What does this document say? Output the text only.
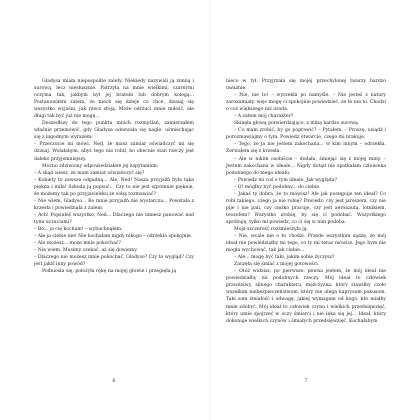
Gladysa miała niepospolite zalety. Niekiedy nazywali ją zimną i surową, lecz niesłusznie. Patrzyła na mnie wielkimi, czarnymi oczyma tak, jakbym był jej bratem lub dobrym kolegą... Postanowiłem zatem, że niech się dzieje co chce, dzisiaj się wszystko wyjaśni, jak rzecz stoją. Może odrzuci mnie miłość, ale długi tak być już nie mogę...

Doszedłszy do tego punktu mnich rozmyślań, zamierzałem właśnie przemówić, gdy Gladysa odezwała się nagle, uśmiechając się z łagodnym wyrazem:

– Przeczucie mi mówi, Ned, że masz zamiar oświadczyć mi się dzisiaj. Wolałabym, abyś tego nie robił, bo obecnie stan rzeczy jest daleko przyjemniejszy.

Mocno zdziwiony odpowiedziałem jej zapytaniem:

– A skąd wiesz, że mam zamiar oświadczyć się?

– Kobiety to zawsze odgadną... Ale, Ned! Nasza przyjaźń była taka piękna i miła! Szkoda ją popsuć... Czy to nie jest ogromnie pięknie, że możemy tak po przyjacielsku ze sobą rozmawiać?

– Nie wiem, Gladyso... Bo mnie przyjaźń nie wystarcza... Powstała z krzesła i powiedziała z żalem:

– Ach! Popsułeś wszystko, Ned... Dlaczego nie umiesz panować nad tymi uczuciami?

– Bo... ja cię kocham! – wybuchnąłem.

– Ale ja ciebie nie! Nie kochałam nigdy nikogo – odrzekła spokojnie.

– Ale możesz... może mnie pokochać?

– Nie wiem. Musimy czekać, aż się dowiemy.

– Dlaczego nie możesz mnie pokochać, Gladyso? Czy to wygląd? Czy jest jakiś inny powód?

Podniosła się, położyła rękę na mojej głowie i przegięła ją

6

nieco w tył. Przyjrzała się mojej przechylonej twarzy bardzo uważnie.

– Nie, nie to! – wyrzekła po namyśle. – Nie jesteś z natury zarozumiały, więc mogę ci spokojnie powiedzieć, że to nie to. Chodzi o coś większego niż uroda.

– A zatem mój charakter?

Skinęła głową potwierdzająco, z miną bardzo surową.

– Co mam zrobić, by go poprawić? – Pytałem. – Proszę, usiądź i porozmawiajmy o tym. Powiedz otwarcie, czego mi brakuje.

– Tego, że ja nie jestem zakochana... w kim innym – odrzekła. Zerwałem się z krzesła.

– Ale w nikim osobiście – dodała, śmiejąc się z mojej miny. – Jestem zakochana w ideale... Nigdy dotąd nie spotkałam człowieka podobnego do mego ideału.

– Powiedz mi coś o tym ideale. Jak wygląda?

– O! mógłby być podobny... do ciebie.

– Jakaś ty dobra, że to mówisz! Ale jak postępuje ten ideał? Co robi takiego, czego ja nie robię? Powiedz: czy jest jaroszem, czy nie pije i nie pali, czy ciężko pracuje, czy jest aeronautą, lotnikiem, teozofem? Wszystko zrobię, by się ci podobać. Wszystkiego spróbuję, tylko mi powiedz, co ci się w nim podoba.

Moja szczerość rozśmieszyła ją.

– Nie, wcale nie o to chodzi. Przede wszystkim sądzę, że mój ideał nie powiedziałby mi tego, co ty mi teraz mówisz. Jego bym nie mogła wychować, tak jak ciebie...

– Ale... mogę być taki, jakim sobie życzysz?

Zaczęła się śmiać z mojej gotowości.

– Otóż widzisz, po pierwsze: pewna jestem, że mój ideał nie powiedziałby mi podobnych rzeczy. Mój ideał to człowiek prawdziwy, silnego charakteru, mężczyzna, który stawiłby czoło wszelkim niebezpieczeństwom, który nie ulega kaprysom pokusom. Taki sam śmiałość i odwagę, jakiej wymagam od kogo, kto miałby mnie zdobyć. Mój ideał to człowiek czynu i wielkich przedsięwzięć, który umie spojrzeć w oczy śmierci i nie lęka się jej... Ideał, który dokonuje wielkich czynów i śmiałych przedsięwzięć. Kochałabym

7
